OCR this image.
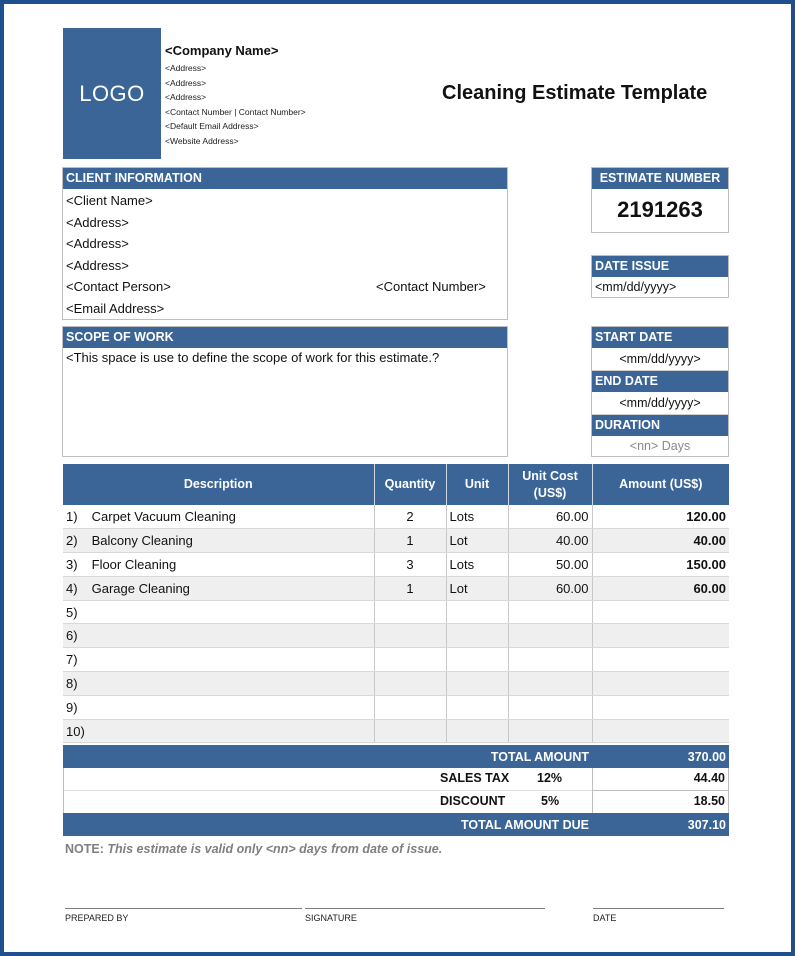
LOGO
<Company Name>
<Address>
<Address>
<Address>
<Contact Number | Contact Number>
<Default Email Address>
<Website Address>
Cleaning Estimate Template
CLIENT INFORMATION
<Client Name>
<Address>
<Address>
<Address>
<Contact Person>	<Contact Number>
<Email Address>
SCOPE OF WORK
<This space is use to define the scope of work for this estimate.?
ESTIMATE NUMBER
2191263
DATE ISSUE
<mm/dd/yyyy>
START DATE
<mm/dd/yyyy>
END DATE
<mm/dd/yyyy>
DURATION
<nn> Days
Description	Quantity	Unit	Unit Cost
(US$)	Amount (US$)
1) Carpet Vacuum Cleaning	2	Lots	60.00	120.00
2) Balcony Cleaning	1	Lot	40.00	40.00
3) Floor Cleaning	3	Lots	50.00	150.00
4) Garage Cleaning	1	Lot	60.00	60.00
5)				
6)				
7)				
8)				
9)				
10)				
TOTAL AMOUNT	370.00
SALES TAX 12%	44.40
DISCOUNT	5%	18.50
TOTAL AMOUNT DUE	307.10
NOTE: This estimate is valid only <nn> days from date of issue.
PREPARED BY	SIGNATURE	DATE
